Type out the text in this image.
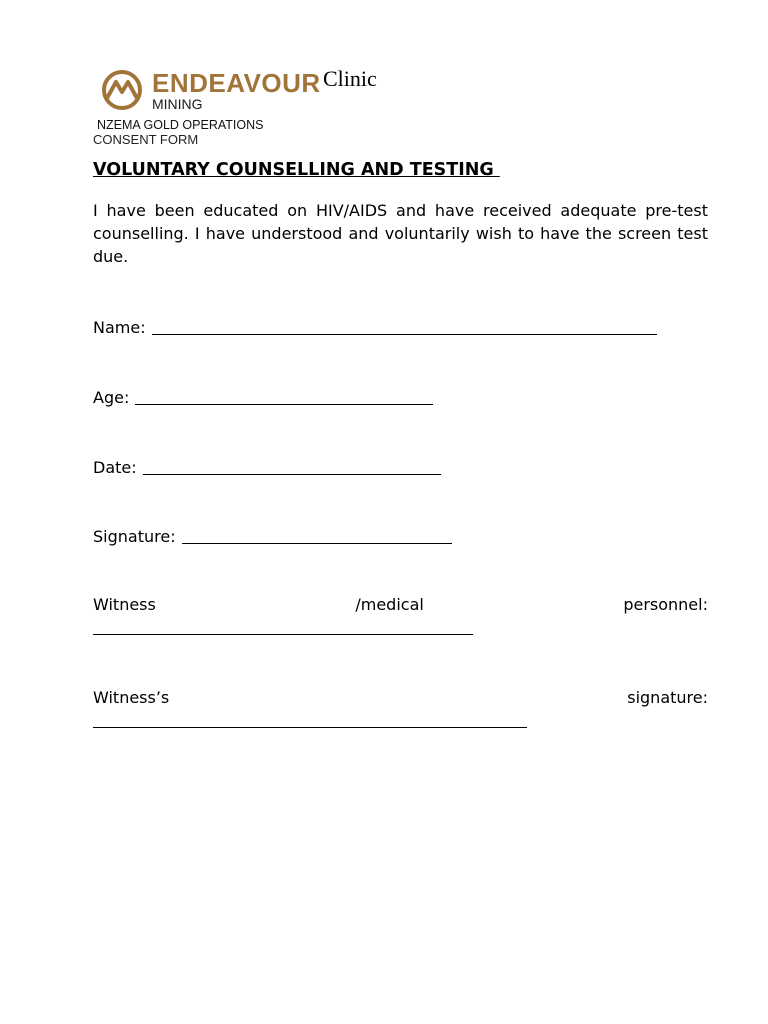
ENDEAVOUR
MINING
NZEMA GOLD OPERATIONS
Clinic
CONSENT FORM
VOLUNTARY COUNSELLING AND TESTING
I have been educated on HIV/AIDS and have received adequate pre-test counselling. I have understood and voluntarily wish to have the screen test due.
Name:
Age:
Date:
Signature:
Witness	/medical	personnel:
Witness’s	signature:
